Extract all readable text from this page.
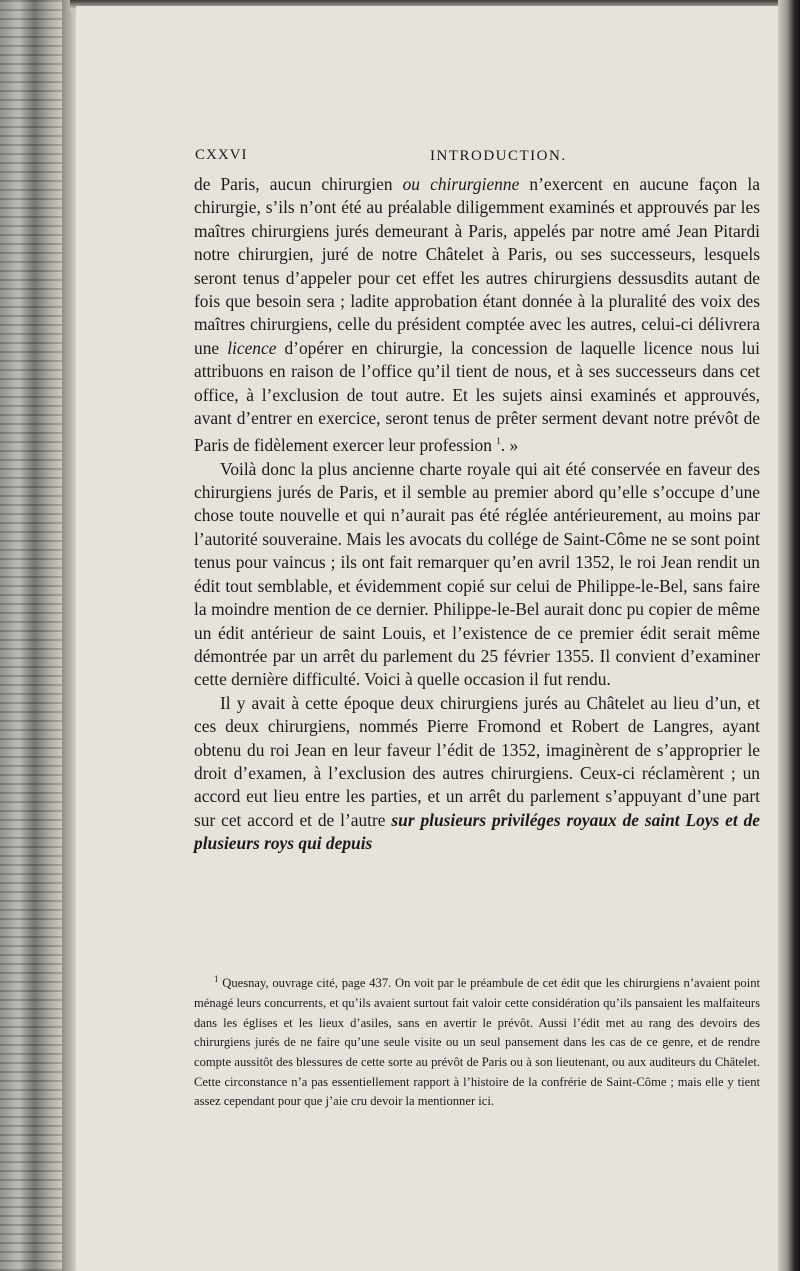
CXXVI	INTRODUCTION.

de Paris, aucun chirurgien ou chirurgienne n’exercent en aucune façon la chirurgie, s’ils n’ont été au préalable diligemment examinés et approuvés par les maîtres chirurgiens jurés demeurant à Paris, appelés par notre amé Jean Pitardi notre chirurgien, juré de notre Châtelet à Paris, ou ses successeurs, lesquels seront tenus d’appeler pour cet effet les autres chirurgiens dessusdits autant de fois que besoin sera ; ladite approbation étant donnée à la pluralité des voix des maîtres chirurgiens, celle du président comptée avec les autres, celui-ci délivrera une licence d’opérer en chirurgie, la concession de laquelle licence nous lui attribuons en raison de l’office qu’il tient de nous, et à ses successeurs dans cet office, à l’exclusion de tout autre. Et les sujets ainsi examinés et approuvés, avant d’entrer en exercice, seront tenus de prêter serment devant notre prévôt de Paris de fidèlement exercer leur profession $^1$. »

Voilà donc la plus ancienne charte royale qui ait été conservée en faveur des chirurgiens jurés de Paris, et il semble au premier abord qu’elle s’occupe d’une chose toute nouvelle et qui n’aurait pas été réglée antérieurement, au moins par l’autorité souveraine. Mais les avocats du collége de Saint-Côme ne se sont point tenus pour vaincus ; ils ont fait remarquer qu’en avril 1352, le roi Jean rendit un édit tout semblable, et évidemment copié sur celui de Philippe-le-Bel, sans faire la moindre mention de ce dernier. Philippe-le-Bel aurait donc pu copier de même un édit antérieur de saint Louis, et l’existence de ce premier édit serait même démontrée par un arrêt du parlement du 25 février 1355. Il convient d’examiner cette dernière difficulté. Voici à quelle occasion il fut rendu.

Il y avait à cette époque deux chirurgiens jurés au Châtelet au lieu d’un, et ces deux chirurgiens, nommés Pierre Fromond et Robert de Langres, ayant obtenu du roi Jean en leur faveur l’édit de 1352, imaginèrent de s’approprier le droit d’examen, à l’exclusion des autres chirurgiens. Ceux-ci réclamèrent ; un accord eut lieu entre les parties, et un arrêt du parlement s’appuyant d’une part sur cet accord et de l’autre sur plusieurs priviléges royaux de saint Loys et de plusieurs roys qui depuis

$^1$ Quesnay, ouvrage cité, page 437. On voit par le préambule de cet édit que les chirurgiens n’avaient point ménagé leurs concurrents, et qu’ils avaient surtout fait valoir cette considération qu’ils pansaient les malfaiteurs dans les églises et les lieux d’asiles, sans en avertir le prévôt. Aussi l’édit met au rang des devoirs des chirurgiens jurés de ne faire qu’une seule visite ou un seul pansement dans les cas de ce genre, et de rendre compte aussitôt des blessures de cette sorte au prévôt de Paris ou à son lieutenant, ou aux auditeurs du Châtelet. Cette circonstance n’a pas essentiellement rapport à l’histoire de la confrérie de Saint-Côme ; mais elle y tient assez cependant pour que j’aie cru devoir la mentionner ici.
